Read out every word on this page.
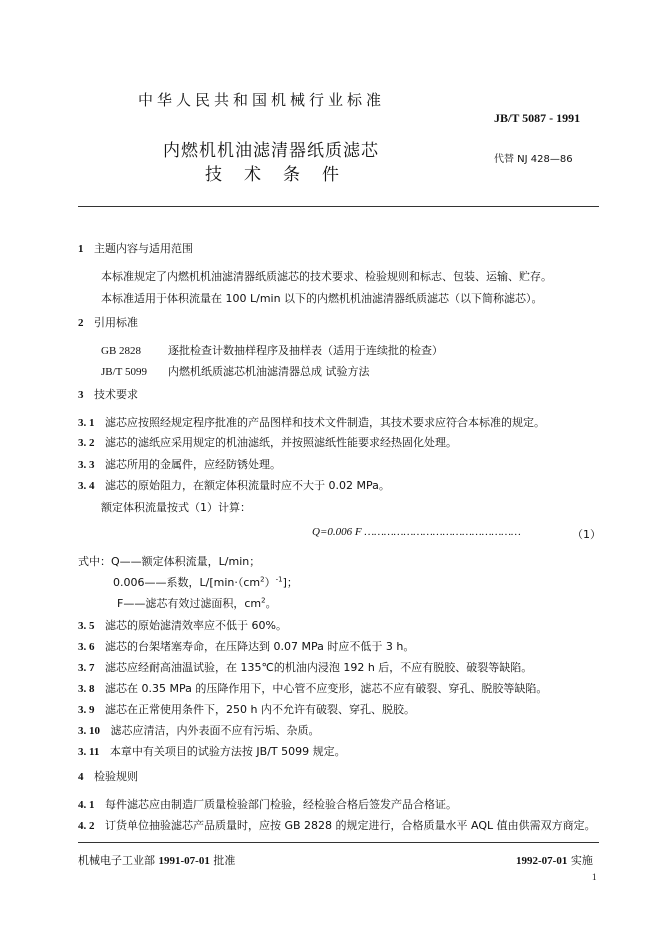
中华人民共和国机械行业标准
JB/T 5087 - 1991
内燃机机油滤清器纸质滤芯
技术条件
代替 NJ 428—86
1 主题内容与适用范围
本标准规定了内燃机机油滤清器纸质滤芯的技术要求、检验规则和标志、包装、运输、贮存。
本标准适用于体积流量在 100 L/min 以下的内燃机机油滤清器纸质滤芯（以下简称滤芯）。
2 引用标准
GB 2828 逐批检查计数抽样程序及抽样表（适用于连续批的检查）
JB/T 5099 内燃机纸质滤芯机油滤清器总成 试验方法
3 技术要求
3. 1 滤芯应按照经规定程序批准的产品图样和技术文件制造，其技术要求应符合本标准的规定。
3. 2 滤芯的滤纸应采用规定的机油滤纸，并按照滤纸性能要求经热固化处理。
3. 3 滤芯所用的金属件，应经防锈处理。
3. 4 滤芯的原始阻力，在额定体积流量时应不大于 0.02 MPa。
额定体积流量按式（1）计算：
Q=0.006 F …………………………………………	（1）
式中：Q——额定体积流量，L/min；
0.006——系数，$L/[\min\cdot(cm^2)^{-1}]$；
F——滤芯有效过滤面积，$cm^2$。
3. 5 滤芯的原始滤清效率应不低于 60%。
3. 6 滤芯的台架堵塞寿命，在压降达到 0.07 MPa 时应不低于 3 h。
3. 7 滤芯应经耐高油温试验，在 135℃的机油内浸泡 192 h 后，不应有脱胶、破裂等缺陷。
3. 8 滤芯在 0.35 MPa 的压降作用下，中心管不应变形，滤芯不应有破裂、穿孔、脱胶等缺陷。
3. 9 滤芯在正常使用条件下，250 h 内不允许有破裂、穿孔、脱胶。
3. 10 滤芯应清洁，内外表面不应有污垢、杂质。
3. 11 本章中有关项目的试验方法按 JB/T 5099 规定。
4 检验规则
4. 1 每件滤芯应由制造厂质量检验部门检验，经检验合格后签发产品合格证。
4. 2 订货单位抽验滤芯产品质量时，应按 GB 2828 的规定进行，合格质量水平 AQL 值由供需双方商定。
机械电子工业部 1991-07-01 批准	1992-07-01 实施
1
